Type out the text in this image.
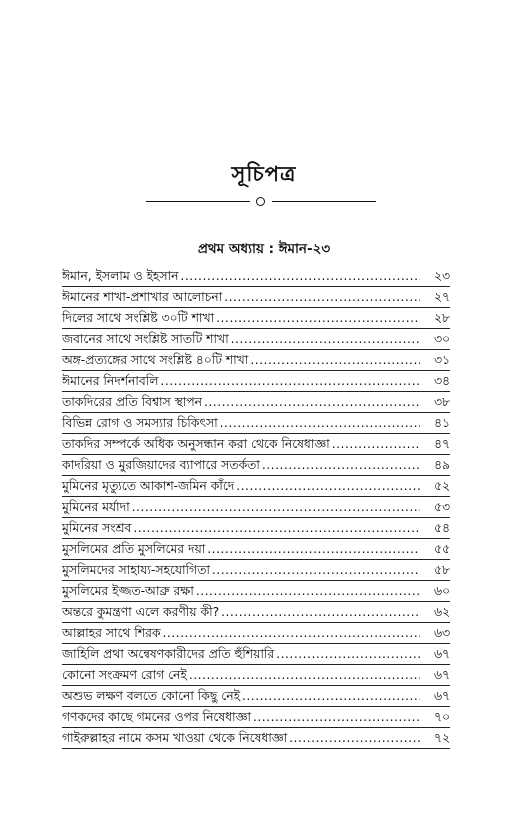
সূচিপত্র
প্রথম অধ্যায় : ঈমান-২৩
ঈমান, ইসলাম ও ইহসান .....	২৩
ঈমানের শাখা-প্রশাখার আলোচনা .....	২৭
দিলের সাথে সংশ্লিষ্ট ৩০টি শাখা .....	২৮
জবানের সাথে সংশ্লিষ্ট সাতটি শাখা .....	৩০
অঙ্গ-প্রত্যঙ্গের সাথে সংশ্লিষ্ট ৪০টি শাখা .....	৩১
ঈমানের নিদর্শনাবলি .....	৩৪
তাকদিরের প্রতি বিশ্বাস স্থাপন .....	৩৮
বিভিন্ন রোগ ও সমস্যার চিকিৎসা .....	৪১
তাকদির সম্পর্কে অধিক অনুসন্ধান করা থেকে নিষেধাজ্ঞা .....	৪৭
কাদরিয়া ও মুরজিয়াদের ব্যাপারে সতর্কতা .....	৪৯
মুমিনের মৃত্যুতে আকাশ-জমিন কাঁদে .....	৫২
মুমিনের মর্যাদা .....	৫৩
মুমিনের সংশ্রব .....	৫৪
মুসলিমের প্রতি মুসলিমের দয়া .....	৫৫
মুসলিমদের সাহায্য-সহযোগিতা .....	৫৮
মুসলিমের ইজ্জত-আব্রু রক্ষা .....	৬০
অন্তরে কুমন্ত্রণা এলে করণীয় কী? .....	৬২
আল্লাহর সাথে শিরক .....	৬৩
জাহিলি প্রথা অন্বেষণকারীদের প্রতি হুঁশিয়ারি .....	৬৭
কোনো সংক্রমণ রোগ নেই .....	৬৭
অশুভ লক্ষণ বলতে কোনো কিছু নেই .....	৬৭
গণকদের কাছে গমনের ওপর নিষেধাজ্ঞা .....	৭০
গাইরুল্লাহর নামে কসম খাওয়া থেকে নিষেধাজ্ঞা .....	৭২
